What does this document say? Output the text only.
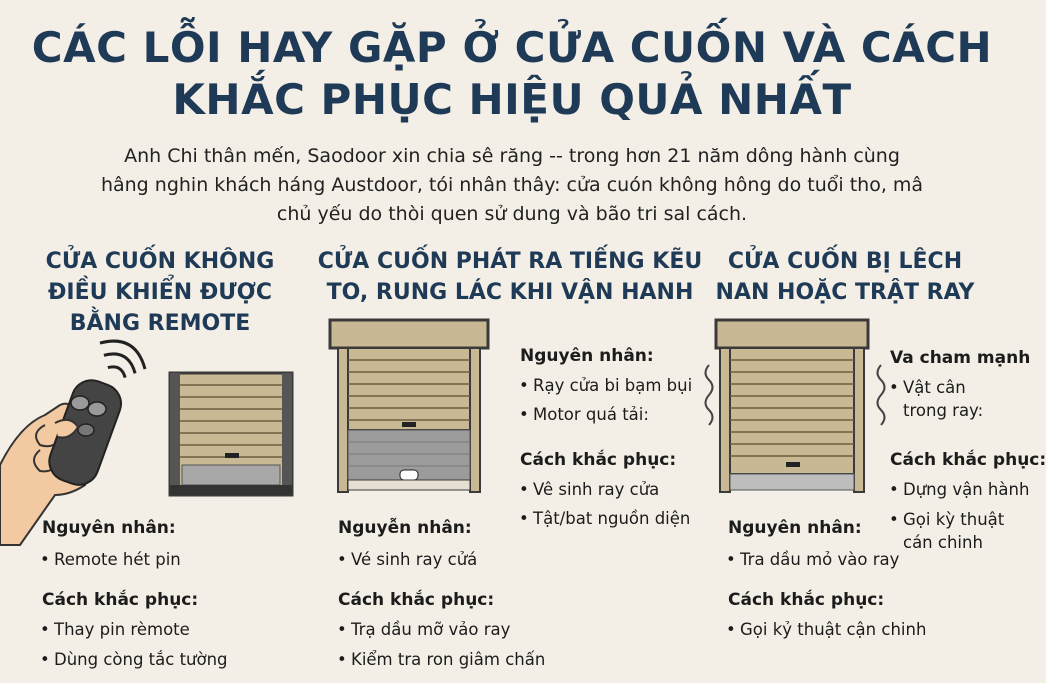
CÁC LỖI HAY GẶP Ở CỬA CUỐN VÀ CÁCH
KHẮC PHỤC HIỆU QUẢ NHẤT
Anh Chi thân mến, Saodoor xin chia sê răng -- trong hơn 21 năm dông hành cùng
hâng nghin khách háng Austdoor, tói nhân thây: cửa cuón không hông do tuổi tho, mâ
chủ yếu do thòi quen sử dung và bão tri sal cách.
CỬA CUỐN KHÔNG
ĐIỀU KHIỂN ĐƯỢC
BẰNG REMOTE
CỬA CUỐN PHÁT RA TIẾNG KẼU
TO, RUNG LÁC KHI VẬN HANH
CỬA CUỐN BỊ LÊCH
NAN HOẶC TRẬT RAY
Nguyên nhân:
• Remote hét pin
Cách khắc phục:
• Thay pin rèmote
• Dùng còng tắc tường
Nguyên nhân:
• Rạy cửa bi bạm bụi
• Motor quá tải:
Cách khắc phục:
• Vê sinh ray cửa
• Tật/bat nguồn diện
Nguyễn nhân:
• Vé sinh ray cửá
Cách khắc phục:
• Trạ dầu mỡ vảo ray
• Kiểm tra ron giâm chấn
Va cham mạnh
• Vật cân
trong ray:
Cách khắc phục:
• Dựng vận hành
• Gọi kỳ thuật
cán chinh
Nguyên nhân:
• Tra dầu mỏ vào ray
Cách khắc phục:
• Gọi kỷ thuật cận chinh
